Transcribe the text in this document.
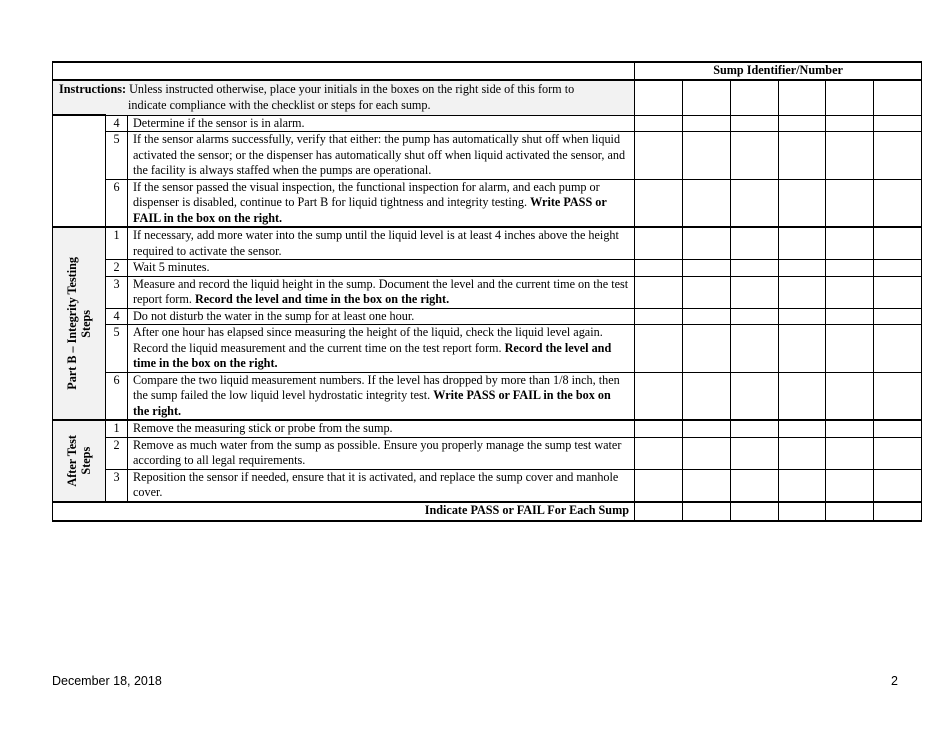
			Sump Identifier/Number					
Instructions: Unless instructed otherwise, place your initials in the boxes on the right side of this form to
indicate compliance with the checklist or steps for each sump.								

	4	Determine if the sensor is in alarm.						
	5	If the sensor alarms successfully, verify that either: the pump has automatically shut off when liquid activated the sensor; or the dispenser has automatically shut off when liquid activated the sensor, and the facility is always staffed when the pumps are operational.						
	6	If the sensor passed the visual inspection, the functional inspection for alarm, and each pump or dispenser is disabled, continue to Part B for liquid tightness and integrity testing. Write PASS or FAIL in the box on the right.						

Part B – Integrity Testing
Steps	1	If necessary, add more water into the sump until the liquid level is at least 4 inches above the height required to activate the sensor.						
	2	Wait 5 minutes.						
	3	Measure and record the liquid height in the sump. Document the level and the current time on the test report form. Record the level and time in the box on the right.						
	4	Do not disturb the water in the sump for at least one hour.						
	5	After one hour has elapsed since measuring the height of the liquid, check the liquid level again. Record the liquid measurement and the current time on the test report form. Record the level and time in the box on the right.						
	6	Compare the two liquid measurement numbers. If the level has dropped by more than 1/8 inch, then the sump failed the low liquid level hydrostatic integrity test. Write PASS or FAIL in the box on the right.						

After Test
Steps	1	Remove the measuring stick or probe from the sump.						
	2	Remove as much water from the sump as possible. Ensure you properly manage the sump test water according to all legal requirements.						
	3	Reposition the sensor if needed, ensure that it is activated, and replace the sump cover and manhole cover.						
Indicate PASS or FAIL For Each Sump								
December 18, 2018	2
